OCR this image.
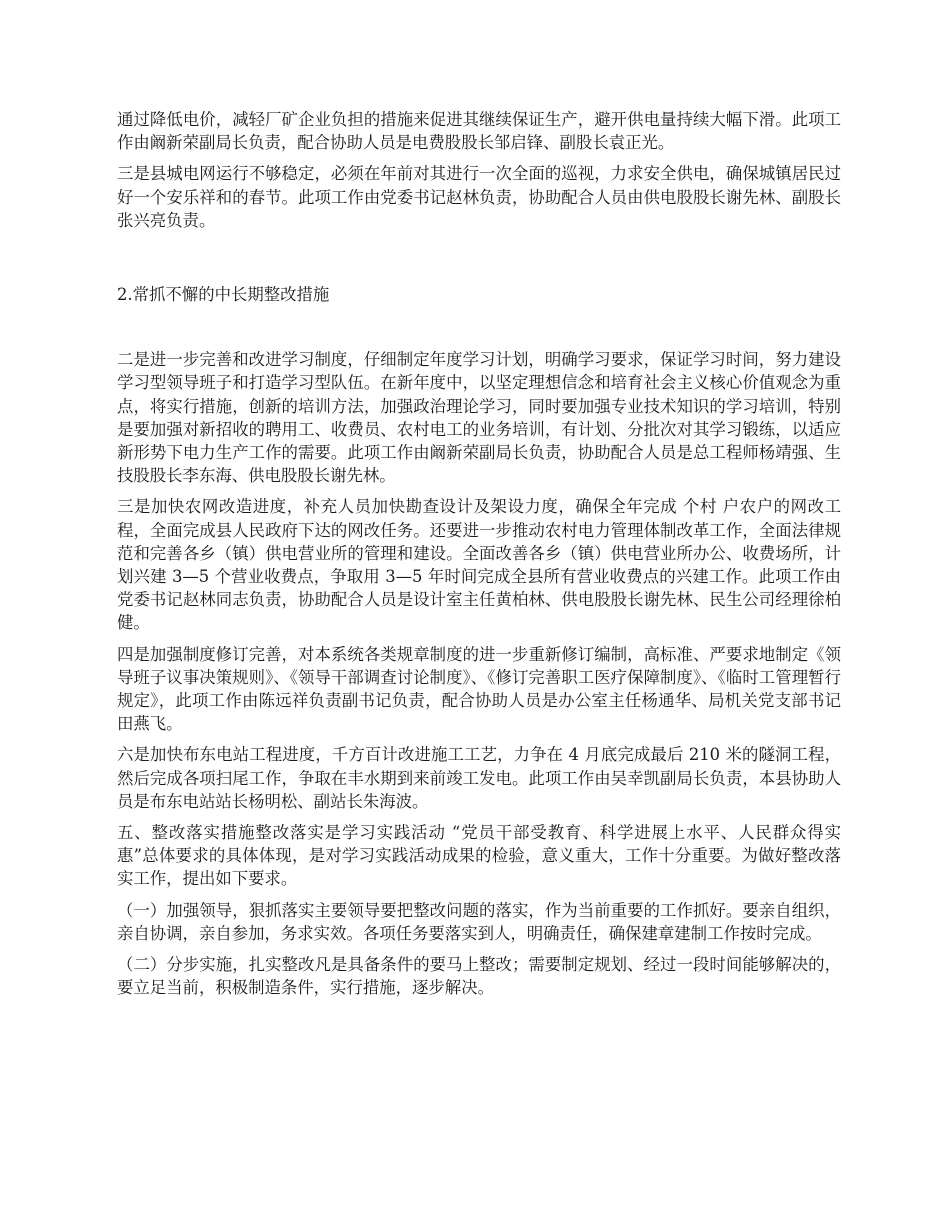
通过降低电价，减轻厂矿企业负担的措施来促进其继续保证生产，避开供电量持续大幅下滑。此项工作由阚新荣副局长负责，配合协助人员是电费股股长邹启锋、副股长袁正光。

三是县城电网运行不够稳定，必须在年前对其进行一次全面的巡视，力求安全供电，确保城镇居民过好一个安乐祥和的春节。此项工作由党委书记赵林负责，协助配合人员由供电股股长谢先林、副股长张兴亮负责。

2.常抓不懈的中长期整改措施

二是进一步完善和改进学习制度，仔细制定年度学习计划，明确学习要求，保证学习时间，努力建设学习型领导班子和打造学习型队伍。在新年度中，以坚定理想信念和培育社会主义核心价值观念为重点，将实行措施，创新的培训方法，加强政治理论学习，同时要加强专业技术知识的学习培训，特别是要加强对新招收的聘用工、收费员、农村电工的业务培训，有计划、分批次对其学习锻练，以适应新形势下电力生产工作的需要。此项工作由阚新荣副局长负责，协助配合人员是总工程师杨靖强、生技股股长李东海、供电股股长谢先林。

三是加快农网改造进度，补充人员加快勘查设计及架设力度，确保全年完成 个村 户农户的网改工程，全面完成县人民政府下达的网改任务。还要进一步推动农村电力管理体制改革工作，全面法律规范和完善各乡（镇）供电营业所的管理和建设。全面改善各乡（镇）供电营业所办公、收费场所，计划兴建 3—5 个营业收费点，争取用 3—5 年时间完成全县所有营业收费点的兴建工作。此项工作由党委书记赵林同志负责，协助配合人员是设计室主任黄柏林、供电股股长谢先林、民生公司经理徐柏健。

四是加强制度修订完善，对本系统各类规章制度的进一步重新修订编制，高标准、严要求地制定《领导班子议事决策规则》、《领导干部调查讨论制度》、《修订完善职工医疗保障制度》、《临时工管理暂行规定》，此项工作由陈远祥负责副书记负责，配合协助人员是办公室主任杨通华、局机关党支部书记田燕飞。

六是加快布东电站工程进度，千方百计改进施工工艺，力争在 4 月底完成最后 210 米的隧洞工程，然后完成各项扫尾工作，争取在丰水期到来前竣工发电。此项工作由吴幸凯副局长负责，本县协助人员是布东电站站长杨明松、副站长朱海波。

五、整改落实措施整改落实是学习实践活动 “党员干部受教育、科学进展上水平、人民群众得实惠”总体要求的具体体现，是对学习实践活动成果的检验，意义重大，工作十分重要。为做好整改落实工作，提出如下要求。

（一）加强领导，狠抓落实主要领导要把整改问题的落实，作为当前重要的工作抓好。要亲自组织，亲自协调，亲自参加，务求实效。各项任务要落实到人，明确责任，确保建章建制工作按时完成。

（二）分步实施，扎实整改凡是具备条件的要马上整改；需要制定规划、经过一段时间能够解决的，要立足当前，积极制造条件，实行措施，逐步解决。
